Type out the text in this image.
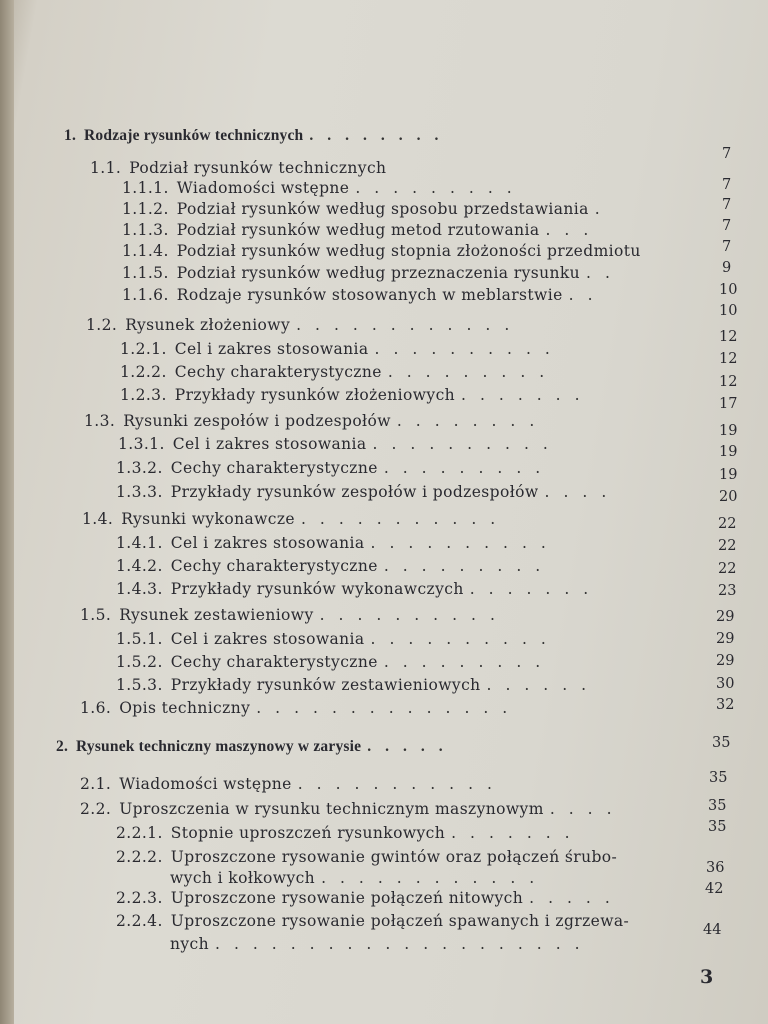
1. Rodzaje rysunków technicznych ........
1.1. Podział rysunków technicznych
1.1.1. Wiadomości wstępne .........
1.1.2. Podział rysunków według sposobu przedstawiania .
1.1.3. Podział rysunków według metod rzutowania ...
1.1.4. Podział rysunków według stopnia złożoności przedmiotu
1.1.5. Podział rysunków według przeznaczenia rysunku ..
1.1.6. Rodzaje rysunków stosowanych w meblarstwie ..
1.2. Rysunek złożeniowy ............
1.2.1. Cel i zakres stosowania ..........
1.2.2. Cechy charakterystyczne .........
1.2.3. Przykłady rysunków złożeniowych .......
1.3. Rysunki zespołów i podzespołów ........
1.3.1. Cel i zakres stosowania ..........
1.3.2. Cechy charakterystyczne .........
1.3.3. Przykłady rysunków zespołów i podzespołów ....
1.4. Rysunki wykonawcze ...........
1.4.1. Cel i zakres stosowania ..........
1.4.2. Cechy charakterystyczne .........
1.4.3. Przykłady rysunków wykonawczych .......
1.5. Rysunek zestawieniowy ..........
1.5.1. Cel i zakres stosowania ..........
1.5.2. Cechy charakterystyczne .........
1.5.3. Przykłady rysunków zestawieniowych ......
1.6. Opis techniczny ..............
2. Rysunek techniczny maszynowy w zarysie .....
2.1. Wiadomości wstępne ...........
2.2. Uproszczenia w rysunku technicznym maszynowym ....
2.2.1. Stopnie uproszczeń rysunkowych .......
2.2.2. Uproszczone rysowanie gwintów oraz połączeń śrubo-
wych i kołkowych ............
2.2.3. Uproszczone rysowanie połączeń nitowych .....
2.2.4. Uproszczone rysowanie połączeń spawanych i zgrzewa-
nych ....................
7
7
7
7
7
9
10
10
12
12
12
17
19
19
19
20
22
22
22
23
29
29
29
30
32
35
35
35
35
36
42
44
3
